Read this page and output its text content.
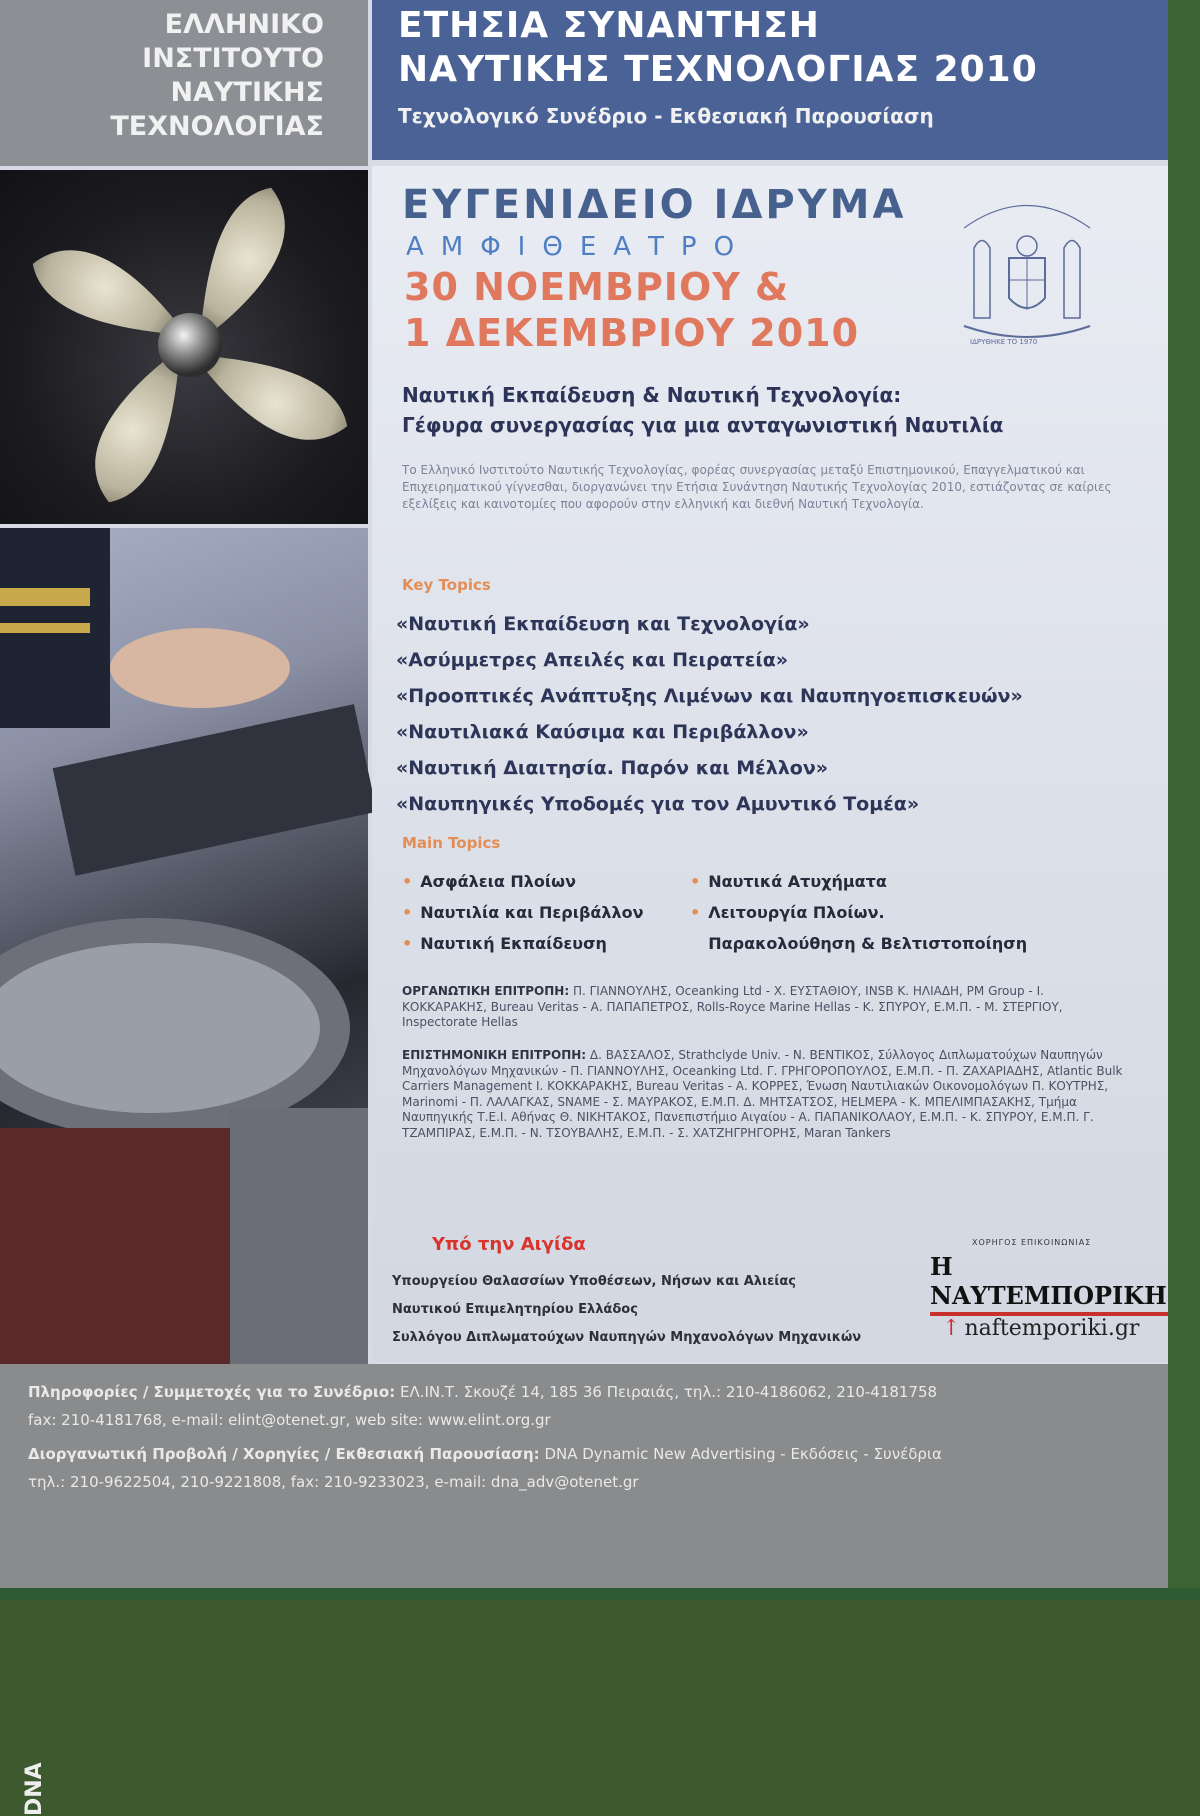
ΕΛΛΗΝΙΚΟ
ΙΝΣΤΙΤΟΥΤΟ
ΝΑΥΤΙΚΗΣ
ΤΕΧΝΟΛΟΓΙΑΣ
ΕΤΗΣΙΑ ΣΥΝΑΝΤΗΣΗ
ΝΑΥΤΙΚΗΣ ΤΕΧΝΟΛΟΓΙΑΣ 2010
Τεχνολογικό Συνέδριο - Εκθεσιακή Παρουσίαση
DNA
ΕΥΓΕΝΙΔΕΙΟ ΙΔΡΥΜΑ
ΑΜΦΙΘΕΑΤΡΟ
30 ΝΟΕΜΒΡΙΟΥ &
1 ΔΕΚΕΜΒΡΙΟΥ 2010	ΙΔΡΥΘΗΚΕ ΤΟ 1970
Ναυτική Εκπαίδευση & Ναυτική Τεχνολογία:
Γέφυρα συνεργασίας για μια ανταγωνιστική Ναυτιλία

Το Ελληνικό Ινστιτούτο Ναυτικής Τεχνολογίας, φορέας συνεργασίας μεταξύ Επιστημονικού, Επαγγελματικού και Επιχειρηματικού γίγνεσθαι, διοργανώνει την Ετήσια Συνάντηση Ναυτικής Τεχνολογίας 2010, εστιάζοντας σε καίριες εξελίξεις και καινοτομίες που αφορούν στην ελληνική και διεθνή Ναυτική Τεχνολογία.

Key Topics
«Ναυτική Εκπαίδευση και Τεχνολογία»
«Ασύμμετρες Απειλές και Πειρατεία»
«Προοπτικές Ανάπτυξης Λιμένων και Ναυπηγοεπισκευών»
«Ναυτιλιακά Καύσιμα και Περιβάλλον»
«Ναυτική Διαιτησία. Παρόν και Μέλλον»
«Ναυπηγικές Υποδομές για τον Αμυντικό Τομέα»
Main Topics
• Ασφάλεια Πλοίων
• Ναυτιλία και Περιβάλλον
• Ναυτική Εκπαίδευση
• Ναυτικά Ατυχήματα
• Λειτουργία Πλοίων.
Παρακολούθηση & Βελτιστοποίηση

ΟΡΓΑΝΩΤΙΚΗ ΕΠΙΤΡΟΠΗ: Π. ΓΙΑΝΝΟΥΛΗΣ, Oceanking Ltd - Χ. ΕΥΣΤΑΘΙΟΥ, INSB Κ. ΗΛΙΑΔΗ, PM Group - Ι. ΚΟΚΚΑΡΑΚΗΣ, Bureau Veritas - Α. ΠΑΠΑΠΕΤΡΟΣ, Rolls-Royce Marine Hellas - Κ. ΣΠΥΡΟΥ, Ε.Μ.Π. - Μ. ΣΤΕΡΓΙΟΥ, Inspectorate Hellas

ΕΠΙΣΤΗΜΟΝΙΚΗ ΕΠΙΤΡΟΠΗ: Δ. ΒΑΣΣΑΛΟΣ, Strathclyde Univ. - Ν. ΒΕΝΤΙΚΟΣ, Σύλλογος Διπλωματούχων Ναυπηγών Μηχανολόγων Μηχανικών - Π. ΓΙΑΝΝΟΥΛΗΣ, Oceanking Ltd. Γ. ΓΡΗΓΟΡΟΠΟΥΛΟΣ, Ε.Μ.Π. - Π. ΖΑΧΑΡΙΑΔΗΣ, Atlantic Bulk Carriers Management Ι. ΚΟΚΚΑΡΑΚΗΣ, Bureau Veritas - Α. ΚΟΡΡΕΣ, Ένωση Ναυτιλιακών Οικονομολόγων Π. ΚΟΥΤΡΗΣ, Marinomi - Π. ΛΑΛΑΓΚΑΣ, SNAME - Σ. ΜΑΥΡΑΚΟΣ, Ε.Μ.Π. Δ. ΜΗΤΣΑΤΣΟΣ, HELMEPA - Κ. ΜΠΕΛΙΜΠΑΣΑΚΗΣ, Τμήμα Ναυπηγικής Τ.Ε.Ι. Αθήνας Θ. ΝΙΚΗΤΑΚΟΣ, Πανεπιστήμιο Αιγαίου - Α. ΠΑΠΑΝΙΚΟΛΑΟΥ, Ε.Μ.Π. - Κ. ΣΠΥΡΟΥ, Ε.Μ.Π. Γ. ΤΖΑΜΠΙΡΑΣ, Ε.Μ.Π. - Ν. ΤΣΟΥΒΑΛΗΣ, Ε.Μ.Π. - Σ. ΧΑΤΖΗΓΡΗΓΟΡΗΣ, Maran Tankers

Υπό την Αιγίδα
Υπουργείου Θαλασσίων Υποθέσεων, Νήσων και Αλιείας
Ναυτικού Επιμελητηρίου Ελλάδος
Συλλόγου Διπλωματούχων Ναυπηγών Μηχανολόγων Μηχανικών
ΧΟΡΗΓΟΣ ΕΠΙΚΟΙΝΩΝΙΑΣ
Η ΝΑΥΤΕΜΠΟΡΙΚΗ
↑ naftemporiki.gr

Πληροφορίες / Συμμετοχές για το Συνέδριο: ΕΛ.ΙΝ.Τ. Σκουζέ 14, 185 36 Πειραιάς, τηλ.: 210-4186062, 210-4181758

fax: 210-4181768, e-mail: elint@otenet.gr, web site: www.elint.org.gr

Διοργανωτική Προβολή / Χορηγίες / Εκθεσιακή Παρουσίαση: DNA Dynamic New Advertising - Εκδόσεις - Συνέδρια

τηλ.: 210-9622504, 210-9221808, fax: 210-9233023, e-mail: dna_adv@otenet.gr
